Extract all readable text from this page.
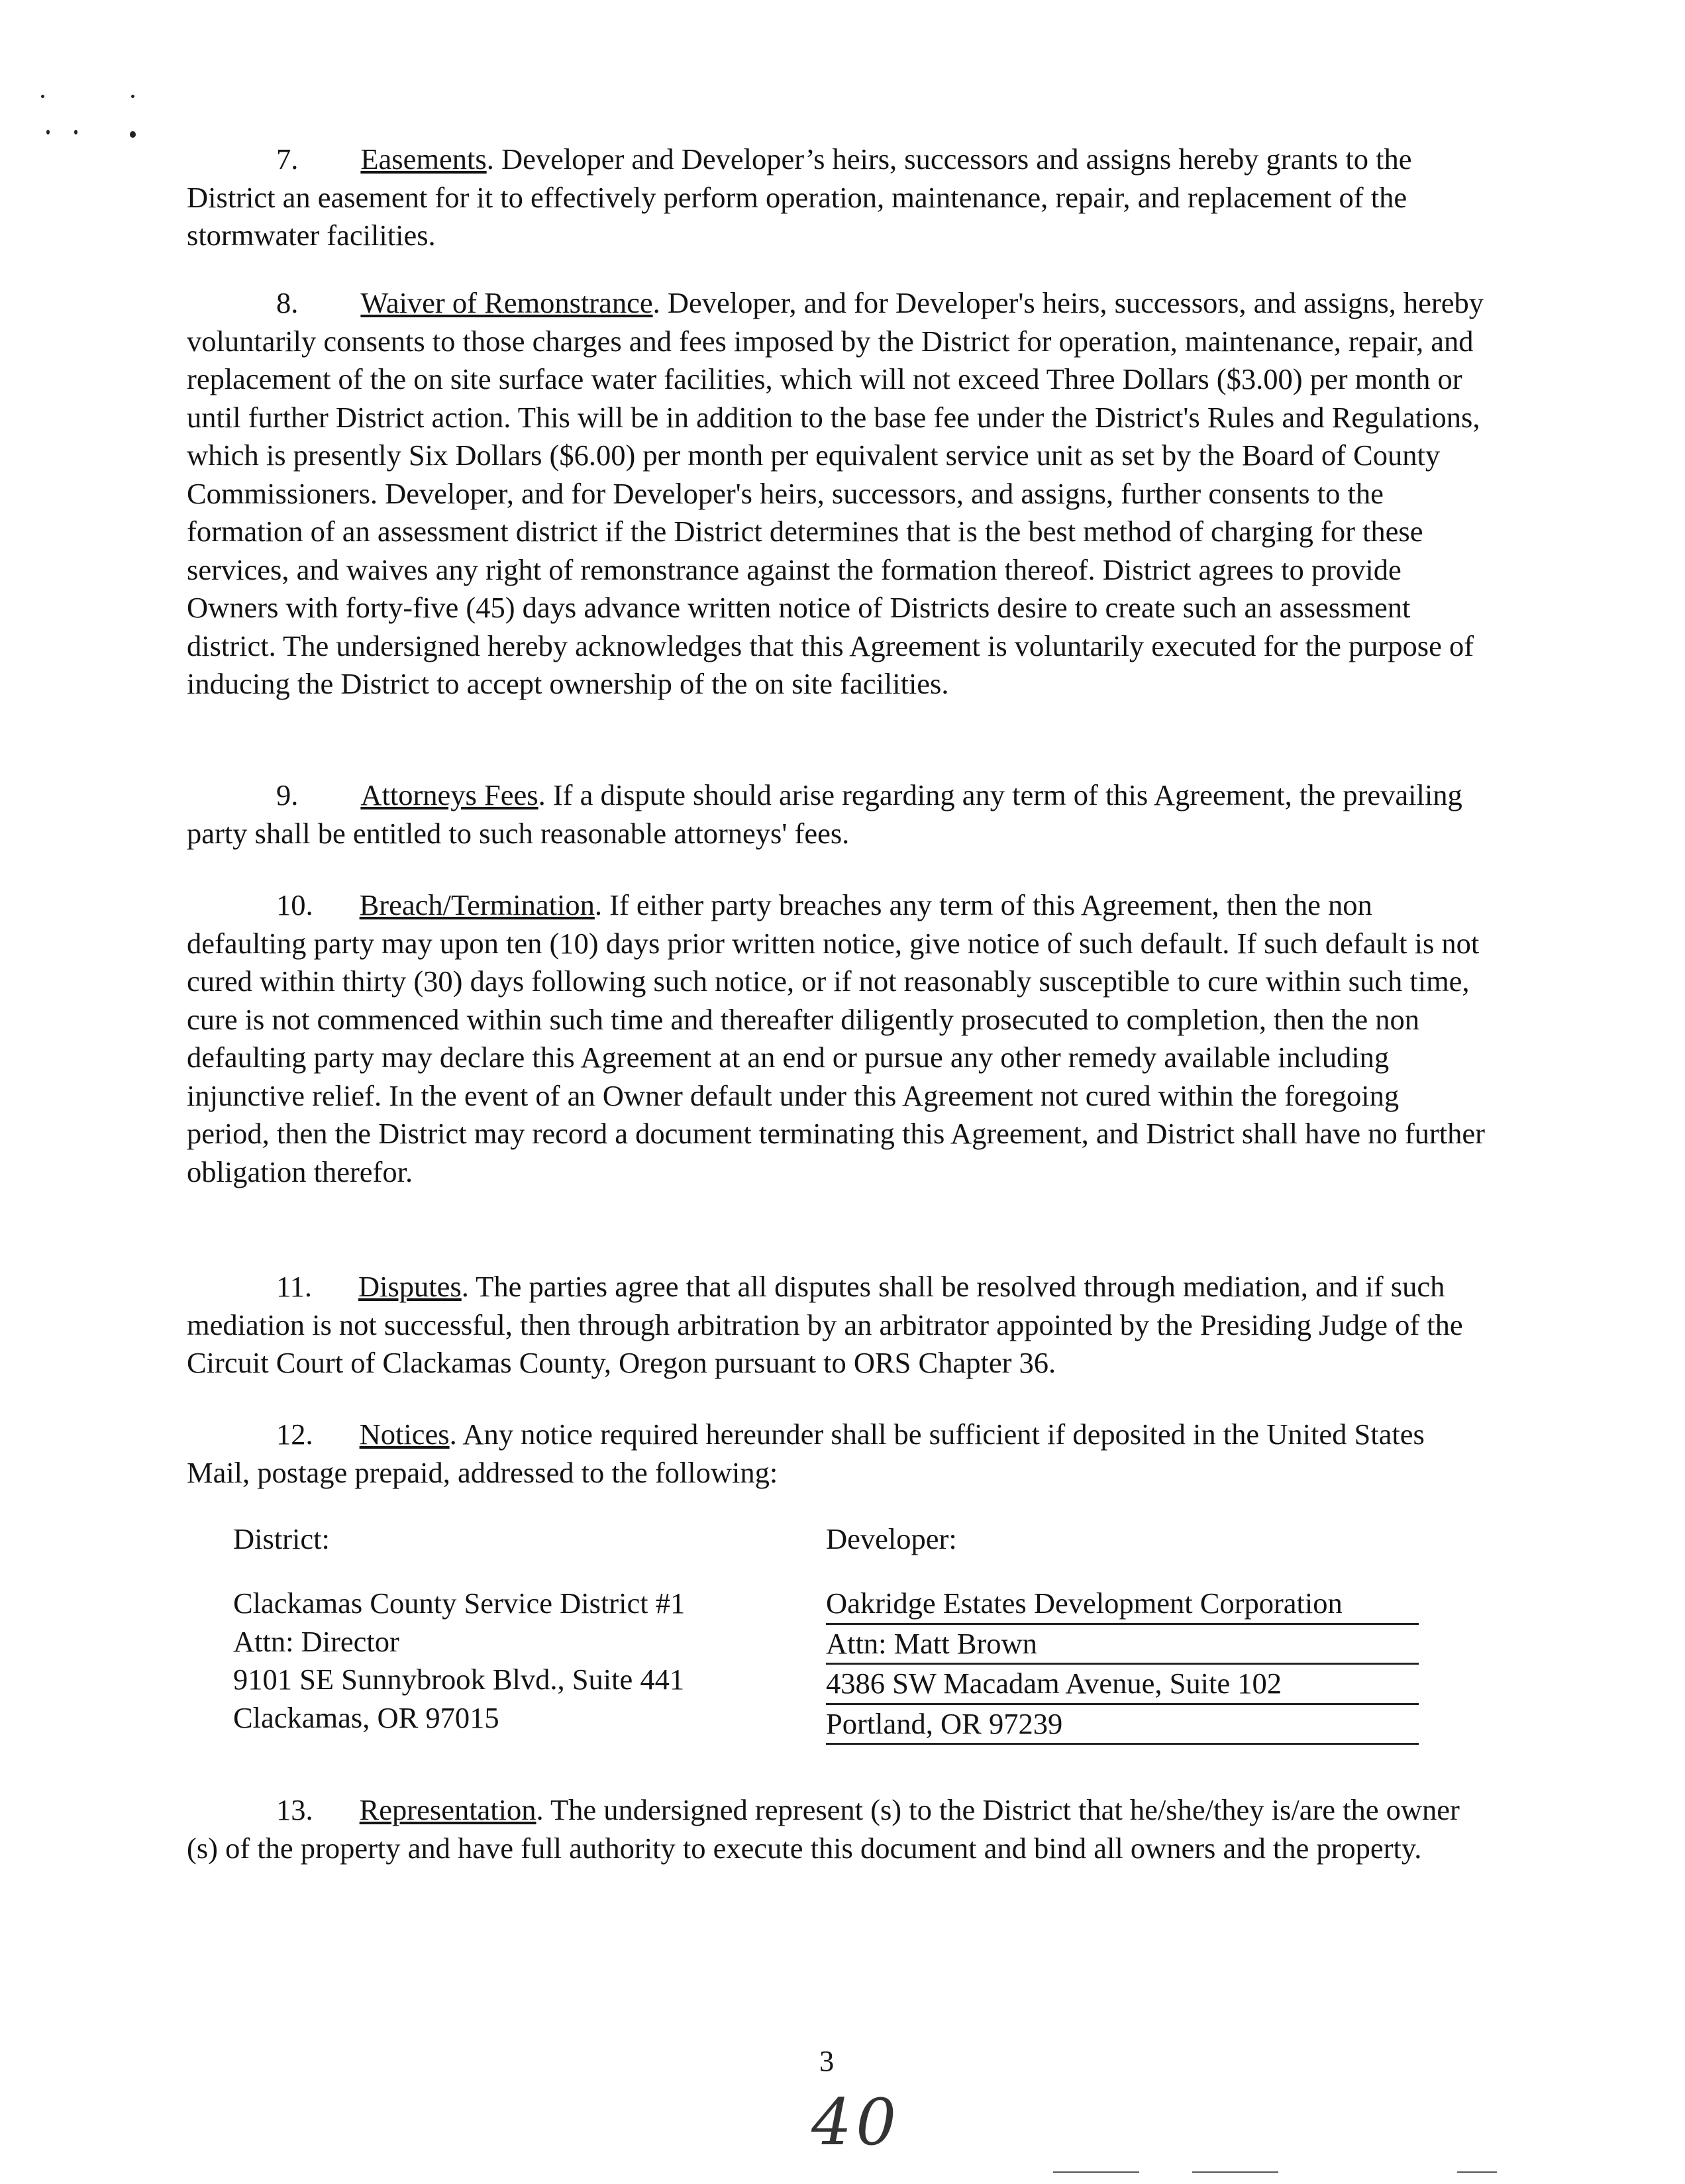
7. Easements. Developer and Developer’s heirs, successors and assigns hereby grants to the District an easement for it to effectively perform operation, maintenance, repair, and replacement of the stormwater facilities.

8. Waiver of Remonstrance. Developer, and for Developer's heirs, successors, and assigns, hereby voluntarily consents to those charges and fees imposed by the District for operation, maintenance, repair, and replacement of the on site surface water facilities, which will not exceed Three Dollars ($3.00) per month or until further District action. This will be in addition to the base fee under the District's Rules and Regulations, which is presently Six Dollars ($6.00) per month per equivalent service unit as set by the Board of County Commissioners. Developer, and for Developer's heirs, successors, and assigns, further consents to the formation of an assessment district if the District determines that is the best method of charging for these services, and waives any right of remonstrance against the formation thereof. District agrees to provide Owners with forty-five (45) days advance written notice of Districts desire to create such an assessment district. The undersigned hereby acknowledges that this Agreement is voluntarily executed for the purpose of inducing the District to accept ownership of the on site facilities.

9. Attorneys Fees. If a dispute should arise regarding any term of this Agreement, the prevailing party shall be entitled to such reasonable attorneys' fees.

10. Breach/Termination. If either party breaches any term of this Agreement, then the non defaulting party may upon ten (10) days prior written notice, give notice of such default. If such default is not cured within thirty (30) days following such notice, or if not reasonably susceptible to cure within such time, cure is not commenced within such time and thereafter diligently prosecuted to completion, then the non defaulting party may declare this Agreement at an end or pursue any other remedy available including injunctive relief. In the event of an Owner default under this Agreement not cured within the foregoing period, then the District may record a document terminating this Agreement, and District shall have no further obligation therefor.

11. Disputes. The parties agree that all disputes shall be resolved through mediation, and if such mediation is not successful, then through arbitration by an arbitrator appointed by the Presiding Judge of the Circuit Court of Clackamas County, Oregon pursuant to ORS Chapter 36.

12. Notices. Any notice required hereunder shall be sufficient if deposited in the United States Mail, postage prepaid, addressed to the following:

District:	Developer:
Clackamas County Service District #1
Attn: Director
9101 SE Sunnybrook Blvd., Suite 441
Clackamas, OR 97015
Oakridge Estates Development Corporation
Attn: Matt Brown
4386 SW Macadam Avenue, Suite 102
Portland, OR 97239

13. Representation. The undersigned represent (s) to the District that he/she/they is/are the owner (s) of the property and have full authority to execute this document and bind all owners and the property.

3
40
